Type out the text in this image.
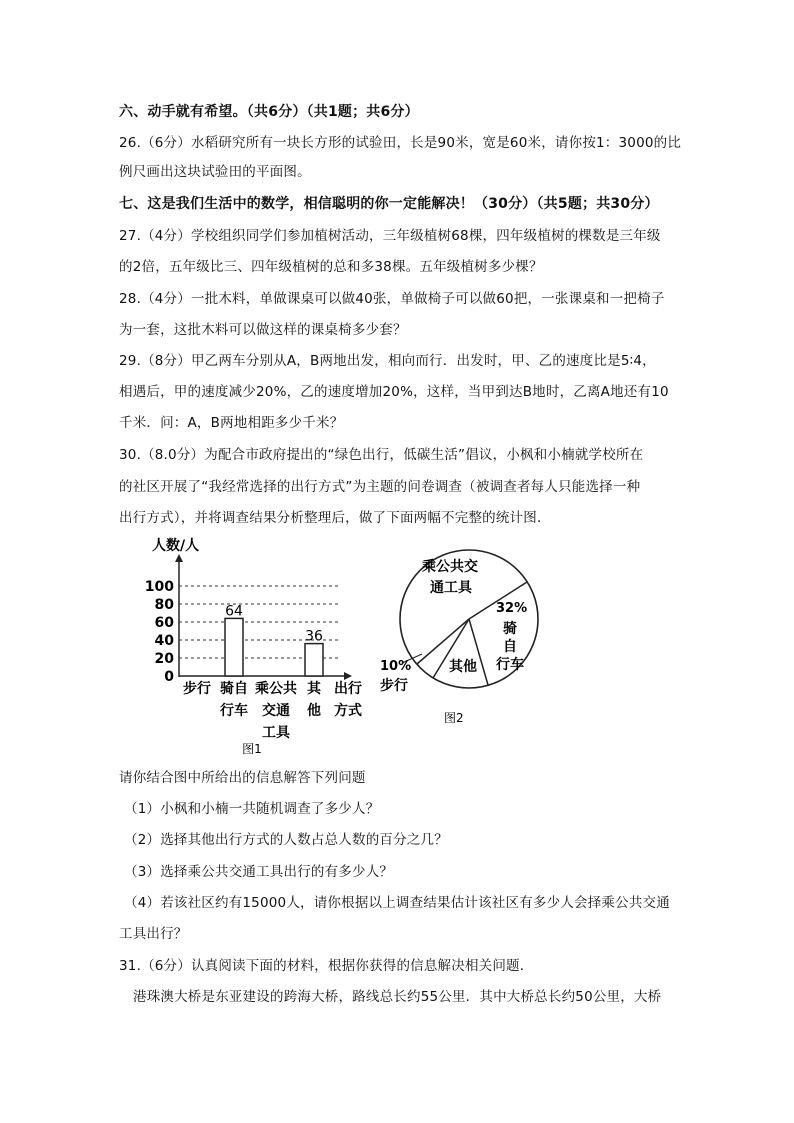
六、动手就有希望。（共6分）（共1题；共6分）
26.（6分）水稻研究所有一块长方形的试验田，长是90米，宽是60米，请你按1：3000的比
例尺画出这块试验田的平面图。
七、这是我们生活中的数学，相信聪明的你一定能解决！（30分）（共5题；共30分）
27.（4分）学校组织同学们参加植树活动，三年级植树68棵，四年级植树的棵数是三年级
的2倍，五年级比三、四年级植树的总和多38棵。五年级植树多少棵？
28.（4分）一批木料，单做课桌可以做40张，单做椅子可以做60把，一张课桌和一把椅子
为一套，这批木料可以做这样的课桌椅多少套？
29.（8分）甲乙两车分别从A，B两地出发，相向而行．出发时，甲、乙的速度比是5∶4，
相遇后，甲的速度减少20%，乙的速度增加20%，这样，当甲到达B地时，乙离A地还有10
千米．问：A，B两地相距多少千米？
30.（8.0分）为配合市政府提出的“绿色出行，低碳生活”倡议，小枫和小楠就学校所在
的社区开展了“我经常选择的出行方式”为主题的问卷调查（被调查者每人只能选择一种
出行方式），并将调查结果分析整理后，做了下面两幅不完整的统计图．
人数/人
0
20
40
60
80
100
64
36
步行 骑自
行车
乘公共
交通
工具
其
他
出行
方式
图1
乘公共交
通工具
32%
骑
自
行车
其他
10%
步行
图2
请你结合图中所给出的信息解答下列问题
（1）小枫和小楠一共随机调查了多少人？
（2）选择其他出行方式的人数占总人数的百分之几？
（3）选择乘公共交通工具出行的有多少人？
（4）若该社区约有15000人，请你根据以上调查结果估计该社区有多少人会择乘公共交通
工具出行？
31.（6分）认真阅读下面的材料，根据你获得的信息解决相关问题．
港珠澳大桥是东亚建设的跨海大桥，路线总长约55公里．其中大桥总长约50公里，大桥
